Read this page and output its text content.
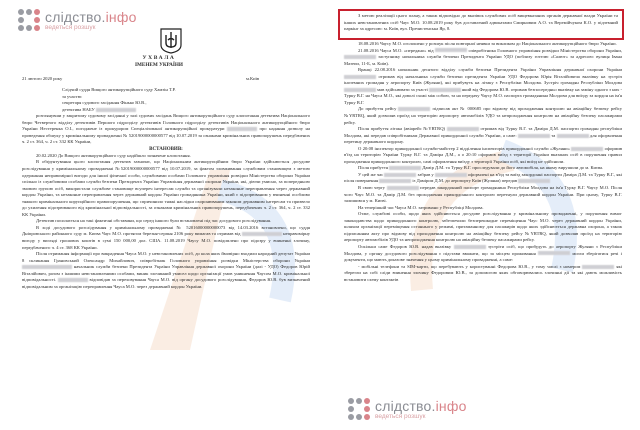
слідство.інфо
ведеться розшук
УХВАЛА
ІМЕНЕМ УКРАЇНИ
21 лютого 2020 року	м.Київ
Слідчий суддя Вищого антикорупційного суду Хамзін Т.Р.
за участю:
секретаря судового засідання Фінько Ю.В.,
детектива НАБУ

розглянувши у закритому судовому засіданні у залі судових засідань Вищого антикорупційного суду клопотання детектива Національного бюро Четвертого відділу детективів Першого підрозділу детективів Головного підрозділу детективів Національного антикорупційного бюро України Нестеренка О.І., погоджене із прокурором Спеціалізованої антикорупційної прокуратури	про надання дозволу на проведення обшуку у кримінальному провадженні № 52019000000000577 від 10.07.2019 за ознаками кримінальних правопорушень передбачених ч. 2 ст. 364, ч. 2 ст. 332 КК України,

ВСТАНОВИВ:

20.02.2020 До Вищого антикорупційного суду надійшло зазначене клопотання.

В обґрунтування цього клопотання детектив зазначає, що Національним антикорупційним бюро України здійснюється досудове розслідування у кримінальному провадженні №52019000000000577 від 10.07.2019, за фактом зловживання службовим становищем з метою одержання неправомірної вигоди для іншої фізичної особи, службовими особами Головного управління розвідки Міністерства оборони України спільно із службовими особами служби безпеки Президента України Управління державної охорони України, які, діючи умисно, за попередньою змовою групою осіб, використали службове становище всупереч інтересам служби та організували незаконне переправлення через державний кордон України, та незаконне переправлення через державний кордон України громадянина України, який є підозрюваним у вчиненні особливо тяжкого кримінального корупційного правопорушення, що спричинило тяжкі наслідки охоронюваним законом державним інтересам та призвело до ухилення підозрюваного від кримінальної відповідальності, за ознаками кримінальних правопорушень, передбачених ч. 2 ст. 364, ч. 2 ст. 332 КК України.

Детектив посилається на такі фактичні обставини, що серед іншого були встановлені під час досудового розслідування.

В ході досудового розслідування у кримінальному провадженні № 52016000000000073 від 14.03.2016 встановлено, що суддя Дніпровського районного суду м. Києва Чаус М.О. протягом березня-серпня 2106 року вимагав та отримав від	неправомірну вигоду у вигляді грошових коштів в сумі 150 000,00 дол. США. 11.08.2019 Чаусу М.О. повідомлено про підозру у вчиненні злочину, передбаченого ч. 4 ст. 368 КК України.

Після отримання інформації про викрадення Чауса М.О. у невстановлених осіб, до кола яких ймовірно входили народний депутат України 8 скликання Грановський Олександр Михайлович, співробітник Головного управління розвідки Міністерства оборони України  начальник служби безпеки Президента України Управління державної охорони України (далі - УДО) Федоров Юрій Віталійович, разом з іншими невстановленими особами, виник злочинний умисел щодо організації умов уникнення Чаусом М.О. кримінальної відповідальності.	відповідав за переховування Чауса М.О. від органу досудового розслідування, Федоров Ю.В. був визначений відповідальним за організацію переправлення Чауса М.О. через державний кордон України.

З метою реалізації цього плану, а також відповідно до вказівок службових осіб вищевказаних органів державної влади України та інших невстановлених осіб Чаус М.О. 10.08.2019 року був доставлений адвокатами Смирновим А.О. та Веремійчуком К.О. у підземний паркінг за адресою: м. Київ, вул. Пречистенська Яр, 8.

18.08.2016 Чаусу М.О. оголошено у розшук після повторної неявки за викликом до Національного антикорупційного бюро України.

21.08.2016 Чауса М.О. «передано» від	співробітника Головного управління розвідки Міністерства оборони України,  заступнику начальника служби безпеки Президента України УДО (поблизу готелю «Салют» за адресою: вулиця Івана Мазепи, 11-Б, м. Київ).

Вранці 22.08.2016 начальник десятого відділу служби безпеки Президента України Управління державної охорони України  отримав від начальника служби безпеки президента України УДО Федорова Юрія Віталійовича вказівку на зустріч іноземних громадян у аеропорту Київ (Жуляни), які прибувуть на літаку з Республіки Молдова. Зустріч громадян Республіки Молдова  мав здійснювати за участі	який від Федорова Ю.В. отримав безпосередньо вказівку на заміну одного з них - Турку В.Г. на Чауса М.О., які доволі схожі між собою, та на передачу Чаусу М.О. паспорта громадянина Молдови для виїзду за кордон на ім'я Турку В.Г.

До прибуття рейсу	підписав акт № 000685 про відмову від проходження контролю на авіаційну безпеку рейсу №YRTRQ, який дозволяв проїзд на територію аеропорту автомобілів УДО та непроходження контролю на авіаційну безпеку пасажирами рейсу.

Після прибуття літака (авіарейс №YRTRQ)	отримав від Турку В.Г. та Даміра Д.М. паспорти громадян республіки Молдова, які передав співробітникам Державної прикордонної служби України, а саме:	та	для оформлення перетину державного кордону.

О 20:08 інспектор прикордонної служби-майстер 2 відділення інспекторів прикордонної служби «Жуляни»	оформив в'їзд на територію України Турку В.Г. та Даміра Д.М., а о 20:10 оформив виїзд з території України вказаних осіб в порушення правил проходження прикордонного контролю, самі оформлення виїзду з території України осіб, які виїзд не здійснили.

Після прибуття	Дамір Д.М. та Турку В.Г. проследували до його автомобіля, на якому вирушили до м. Києва.

У цей же час	забрав у	оформлені на в'їзд та виїзд закордонні паспорти Даміра Д.М. та Турку В.Г., які після повернення	із Даміром Д.М. до аеропорту Київ (Жуляни) передав

В свою чергу	передав закордонний паспорт громадянина Республіки Молдова на ім'я Турку В.Г. Чаусу М.О. Після чого Чаус М.О. та Дамір Д.М. без проходження прикордонного контролю перетнули державний кордон України. При цьому, Турку В.Г. залишився у м. Києві.

На теперішній час Чауса М.О. затримано у Республіці Молдова.

Отже, службові особи, щодо яких здійснюється досудове розслідування у кримінальному провадженні, у порушення вимог законодавства щодо прикордонного контролю, забезпечили безперешкодне переміщення Чаус М.О. через державний кордон України, шляхом організації переміщення останнього у режимі, притаманному для пасажирів щодо яких здійснюється державна охорона, а також підписанням акту про відмову від проходження контролю на авіаційну безпеку рейсу №YRTRQ, який дозволяв проїзд на територію аеропорту автомобілів УДО та непроходження контролю на авіаційну безпеку пасажирами рейсу.

Оскільки саме Федоров Ю.В. надав вказівку	зустріти осіб, що прибудуть до аеропорту Жуляни з Республіки Молдова, у органу досудового розслідування є підстави вважати, що за місцем проживання	могли зберігатися речі і документи, що мають доказове значення у цьому кримінальному провадженні, а саме:

- мобільні телефони та SIM-карти, що перебувають у користуванні Федорова Ю.В., у тому числі з номером	які зберегли на собі сліди вчинення злочину Федоровим Ю.В., за допомогою яких обговорювались злочинні дії та які дають можливість встановити схему контактів

слідство.інфо
ведеться розшук
